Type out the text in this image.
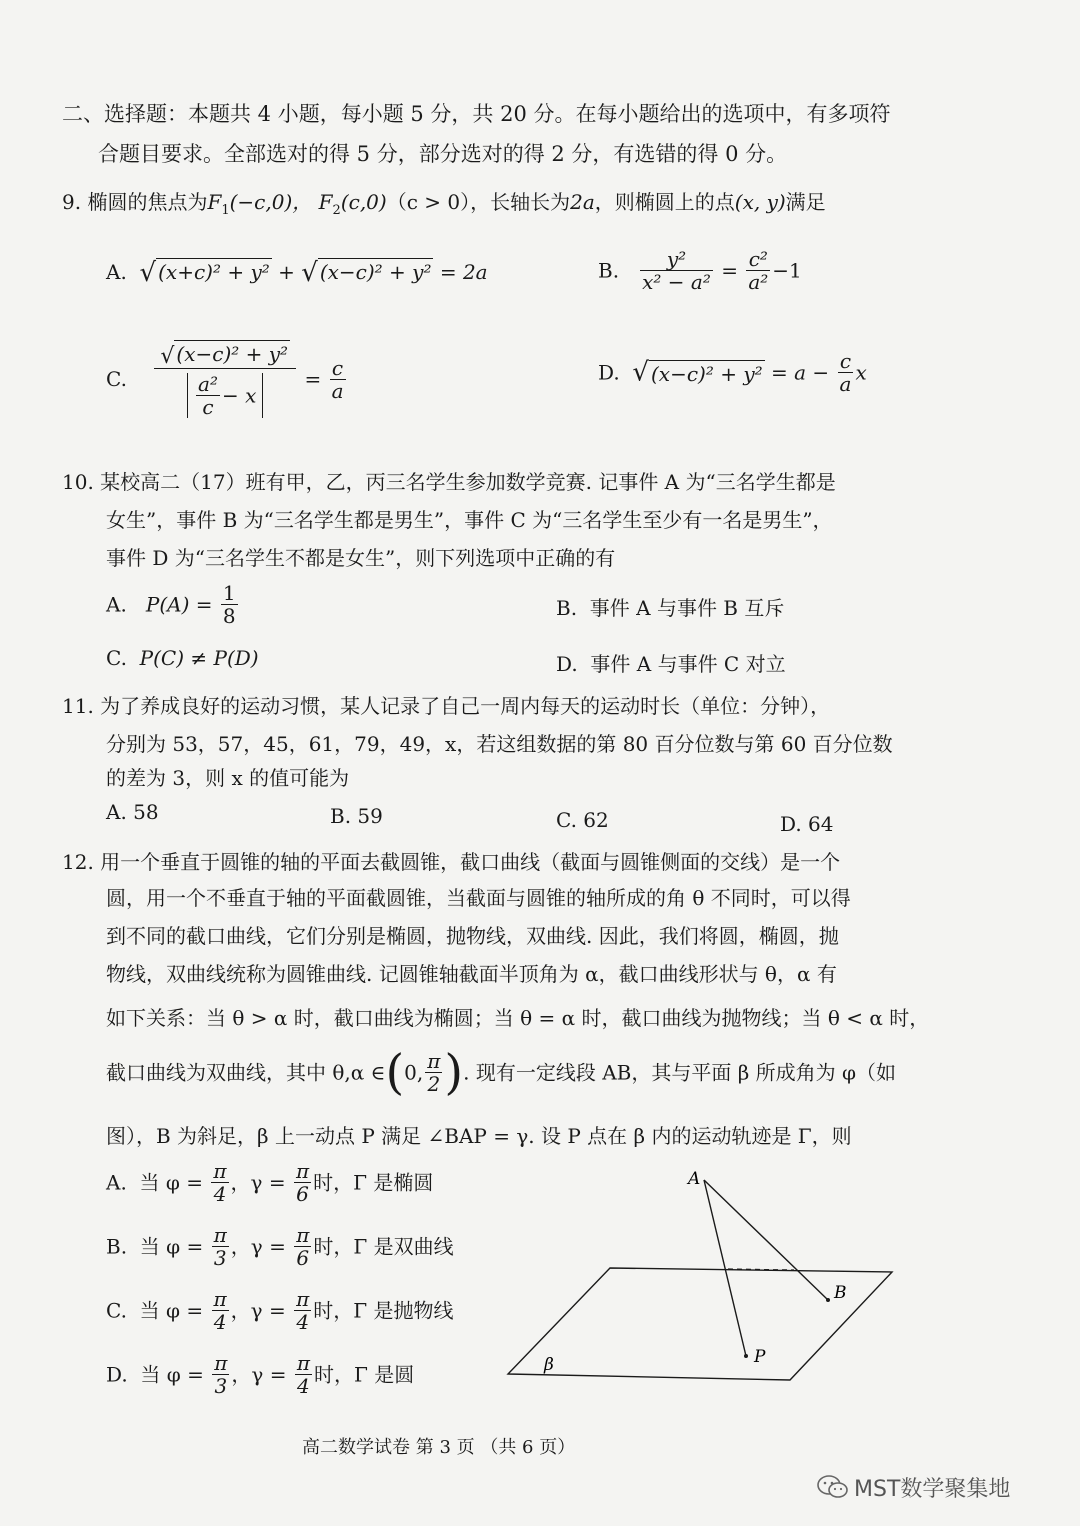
二、选择题：本题共 4 小题，每小题 5 分，共 20 分。在每小题给出的选项中，有多项符
合题目要求。全部选对的得 5 分，部分选对的得 2 分，有选错的得 0 分。
9. 椭圆的焦点为$F_1(-c,0)$， $F_2(c,0)(c > 0)$，长轴长为2a，则椭圆上的点(x, y)满足
A. √ (x+c)² + y² + √ (x−c)² + y² = 2a	B. $\frac{\text{y²}}{\text{x² − a²}} = \frac{\text{c²}}{\text{a²}} -1$
C. $\frac{\text{√ (x−c)² + y²}}{\frac{\text{a²}}{c} - x} = \frac{c}{a}$	D. √ $(x-c)^2 + y^2 = a - \frac{c}{a}$ x
10. 某校高二（17）班有甲，乙，丙三名学生参加数学竞赛. 记事件 A 为“三名学生都是
女生”，事件 B 为“三名学生都是男生”，事件 C 为“三名学生至少有一名是男生”，
事件 D 为“三名学生不都是女生”，则下列选项中正确的有
A. $P(A) = \frac{1}{8}$	B. 事件 A 与事件 B 互斥
C. P(C) ≠ P(D)	D. 事件 A 与事件 C 对立
11. 为了养成良好的运动习惯，某人记录了自己一周内每天的运动时长（单位：分钟），
分别为 53，57，45，61，79，49，x，若这组数据的第 80 百分位数与第 60 百分位数
的差为 3，则 x 的值可能为
A. 58	B. 59	C. 62	D. 64
12. 用一个垂直于圆锥的轴的平面去截圆锥，截口曲线（截面与圆锥侧面的交线）是一个
圆，用一个不垂直于轴的平面截圆锥，当截面与圆锥的轴所成的角 θ 不同时，可以得
到不同的截口曲线，它们分别是椭圆，抛物线，双曲线. 因此，我们将圆，椭圆，抛
物线，双曲线统称为圆锥曲线. 记圆锥轴截面半顶角为 α，截口曲线形状与 θ，α 有
如下关系：当 θ > α 时，截口曲线为椭圆；当 θ = α 时，截口曲线为抛物线；当 θ < α 时，
截口曲线为双曲线，其中 θ,α ∈(0, $\frac{\pi}{2}$ ). 现有一定线段 AB，其与平面 β 所成角为 φ（如
图），B 为斜足，β 上一动点 P 满足 ∠BAP = γ. 设 P 点在 β 内的运动轨迹是 Γ，则
A. 当 $\varphi = \frac{\pi}{4}$ ，$\gamma = \frac{\pi}{6}$ 时，Γ 是椭圆
B. 当 $\varphi = \frac{\pi}{3}$ ，$\gamma = \frac{\pi}{6}$ 时，Γ 是双曲线
C. 当 $\varphi = \frac{\pi}{4}$ ，$\gamma = \frac{\pi}{4}$ 时，Γ 是抛物线
D. 当 $\varphi = \frac{\pi}{3}$ ，$\gamma = \frac{\pi}{4}$ 时，Γ 是圆
A
B
P
β
高二数学试卷 第 3 页 （共 6 页）
MST数学聚集地
